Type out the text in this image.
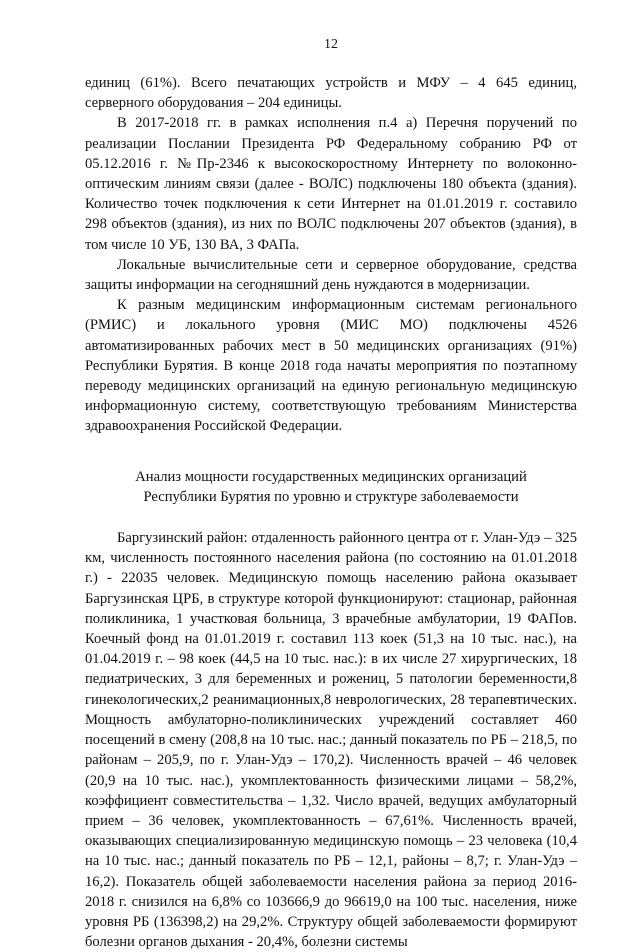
12

единиц (61%). Всего печатающих устройств и МФУ – 4 645 единиц, серверного оборудования – 204 единицы.

В 2017-2018 гг. в рамках исполнения п.4 а) Перечня поручений по реализации Послании Президента РФ Федеральному собранию РФ от 05.12.2016 г. №Пр-2346 к высокоскоростному Интернету по волоконно-оптическим линиям связи (далее - ВОЛС) подключены 180 объекта (здания). Количество точек подключения к сети Интернет на 01.01.2019 г. составило 298 объектов (здания), из них по ВОЛС подключены 207 объектов (здания), в том числе 10 УБ, 130 ВА, 3 ФАПа.

Локальные вычислительные сети и серверное оборудование, средства защиты информации на сегодняшний день нуждаются в модернизации.

К разным медицинским информационным системам регионального (РМИС) и локального уровня (МИС МО) подключены 4526 автоматизированных рабочих мест в 50 медицинских организациях (91%) Республики Бурятия. В конце 2018 года начаты мероприятия по поэтапному переводу медицинских организаций на единую региональную медицинскую информационную систему, соответствующую требованиям Министерства здравоохранения Российской Федерации.

Анализ мощности государственных медицинских организаций
Республики Бурятия по уровню и структуре заболеваемости

Баргузинский район: отдаленность районного центра от г. Улан-Удэ – 325 км, численность постоянного населения района (по состоянию на 01.01.2018 г.) - 22035 человек. Медицинскую помощь населению района оказывает Баргузинская ЦРБ, в структуре которой функционируют: стационар, районная поликлиника, 1 участковая больница, 3 врачебные амбулатории, 19 ФАПов. Коечный фонд на 01.01.2019 г. составил 113 коек (51,3 на 10 тыс. нас.), на 01.04.2019 г. – 98 коек (44,5 на 10 тыс. нас.): в их числе 27 хирургических, 18 педиатрических, 3 для беременных и рожениц, 5 патологии беременности,8 гинекологических,2 реанимационных,8 неврологических, 28 терапевтических. Мощность амбулаторно-поликлинических учреждений составляет 460 посещений в смену (208,8 на 10 тыс. нас.; данный показатель по РБ – 218,5, по районам – 205,9, по г. Улан-Удэ – 170,2). Численность врачей – 46 человек (20,9 на 10 тыс. нас.), укомплектованность физическими лицами – 58,2%, коэффициент совместительства – 1,32. Число врачей, ведущих амбулаторный прием – 36 человек, укомплектованность – 67,61%. Численность врачей, оказывающих специализированную медицинскую помощь – 23 человека (10,4 на 10 тыс. нас.; данный показатель по РБ – 12,1, районы – 8,7; г. Улан-Удэ – 16,2). Показатель общей заболеваемости населения района за период 2016-2018 г. снизился на 6,8% со 103666,9 до 96619,0 на 100 тыс. населения, ниже уровня РБ (136398,2) на 29,2%. Структуру общей заболеваемости формируют болезни органов дыхания - 20,4%, болезни системы
